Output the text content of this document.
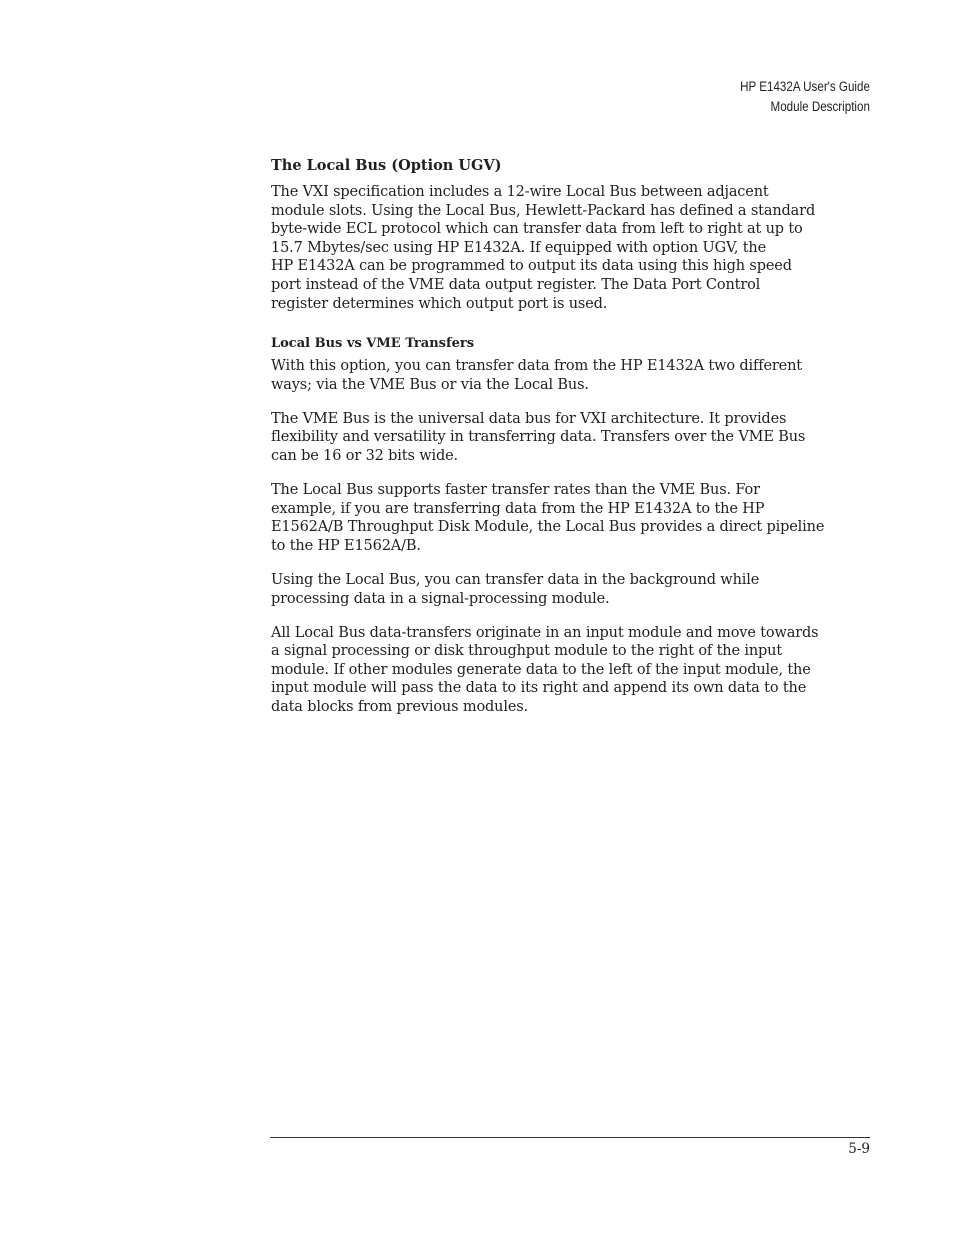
HP E1432A User's Guide
Module Description
The Local Bus (Option UGV)
The VXI specification includes a 12-wire Local Bus between adjacent
module slots. Using the Local Bus, Hewlett-Packard has defined a standard
byte-wide ECL protocol which can transfer data from left to right at up to
15.7 Mbytes/sec using HP E1432A. If equipped with option UGV, the
HP E1432A can be programmed to output its data using this high speed
port instead of the VME data output register. The Data Port Control
register determines which output port is used.
Local Bus vs VME Transfers
With this option, you can transfer data from the HP E1432A two different
ways; via the VME Bus or via the Local Bus.
The VME Bus is the universal data bus for VXI architecture. It provides
flexibility and versatility in transferring data. Transfers over the VME Bus
can be 16 or 32 bits wide.
The Local Bus supports faster transfer rates than the VME Bus. For
example, if you are transferring data from the HP E1432A to the HP
E1562A/B Throughput Disk Module, the Local Bus provides a direct pipeline
to the HP E1562A/B.
Using the Local Bus, you can transfer data in the background while
processing data in a signal-processing module.
All Local Bus data-transfers originate in an input module and move towards
a signal processing or disk throughput module to the right of the input
module. If other modules generate data to the left of the input module, the
input module will pass the data to its right and append its own data to the
data blocks from previous modules.
5-9
